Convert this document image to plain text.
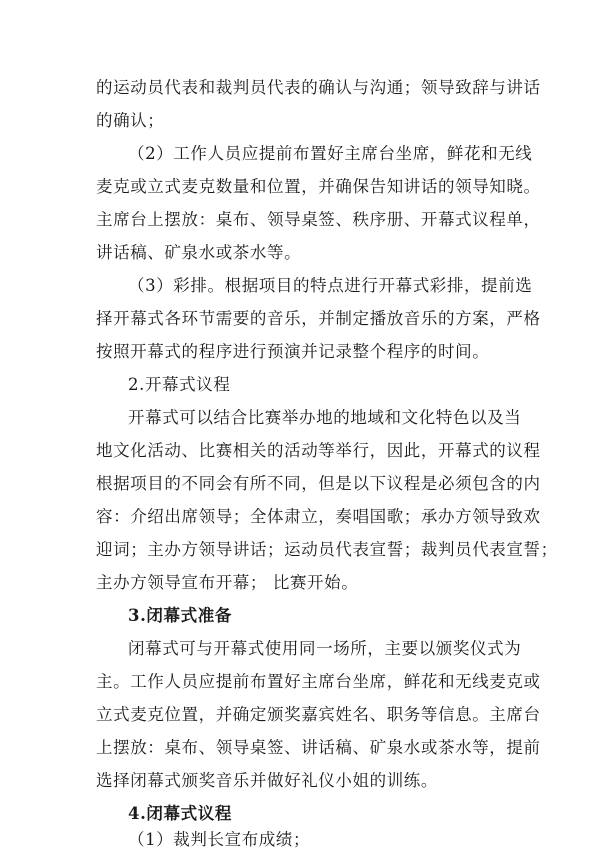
的运动员代表和裁判员代表的确认与沟通；领导致辞与讲话
的确认；
（2）工作人员应提前布置好主席台坐席，鲜花和无线
麦克或立式麦克数量和位置，并确保告知讲话的领导知晓。
主席台上摆放：桌布、领导桌签、秩序册、开幕式议程单，
讲话稿、矿泉水或茶水等。
（3）彩排。根据项目的特点进行开幕式彩排，提前选
择开幕式各环节需要的音乐，并制定播放音乐的方案，严格
按照开幕式的程序进行预演并记录整个程序的时间。
2.开幕式议程
开幕式可以结合比赛举办地的地域和文化特色以及当
地文化活动、比赛相关的活动等举行，因此，开幕式的议程
根据项目的不同会有所不同，但是以下议程是必须包含的内
容：介绍出席领导；全体肃立，奏唱国歌；承办方领导致欢
迎词；主办方领导讲话；运动员代表宣誓；裁判员代表宣誓；
主办方领导宣布开幕； 比赛开始。
3.闭幕式准备
闭幕式可与开幕式使用同一场所，主要以颁奖仪式为
主。工作人员应提前布置好主席台坐席，鲜花和无线麦克或
立式麦克位置，并确定颁奖嘉宾姓名、职务等信息。主席台
上摆放：桌布、领导桌签、讲话稿、矿泉水或茶水等，提前
选择闭幕式颁奖音乐并做好礼仪小姐的训练。
4.闭幕式议程
（1）裁判长宣布成绩；
